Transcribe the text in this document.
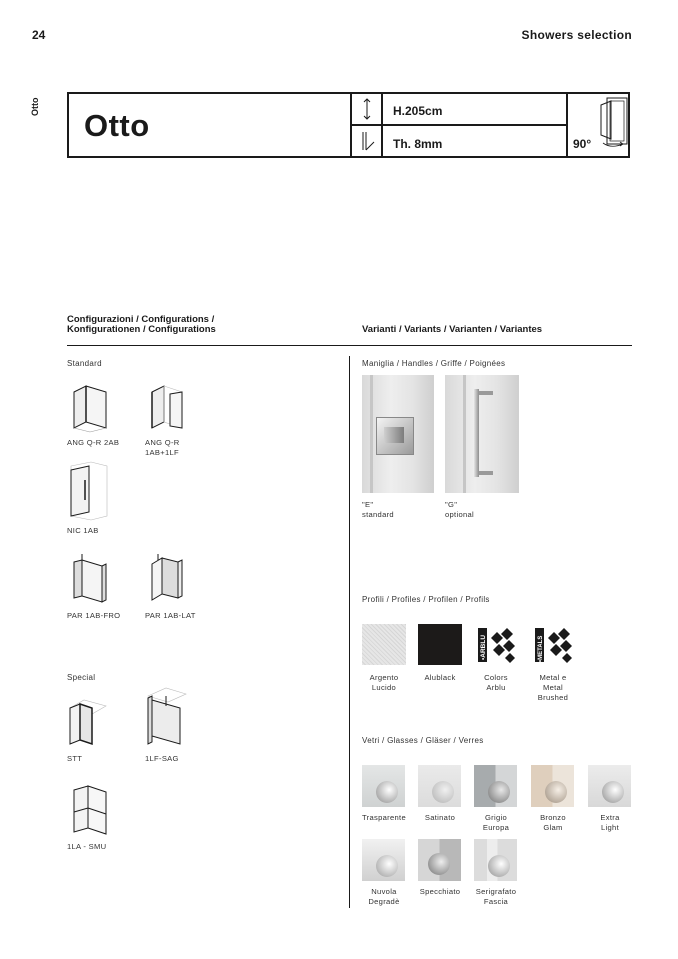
24	Showers selection
Otto
Otto	H.205cm
Th. 8mm	90°
Configurazioni / Configurations /
Konfigurationen / Configurations	Varianti / Variants / Varianten / Variantes
Standard
ANG Q-R 2AB	ANG Q-R
1AB+1LF
NIC 1AB
PAR 1AB-FRO	PAR 1AB-LAT
Special
STT	1LF-SAG
1LA - SMU
Maniglia / Handles / Griffe / Poignées
"E"
standard
"G"
optional
Profili / Profiles / Profilen / Profils
•ARBLU	•METALS
Argento
Lucido
Alublack	Colors
Arblu
Metal e
Metal
Brushed
Vetri / Glasses / Gläser / Verres
Trasparente	Satinato	Grigio
Europa
Bronzo
Glam
Extra
Light
Nuvola
Degradè
Specchiato	Serigrafato
Fascia
